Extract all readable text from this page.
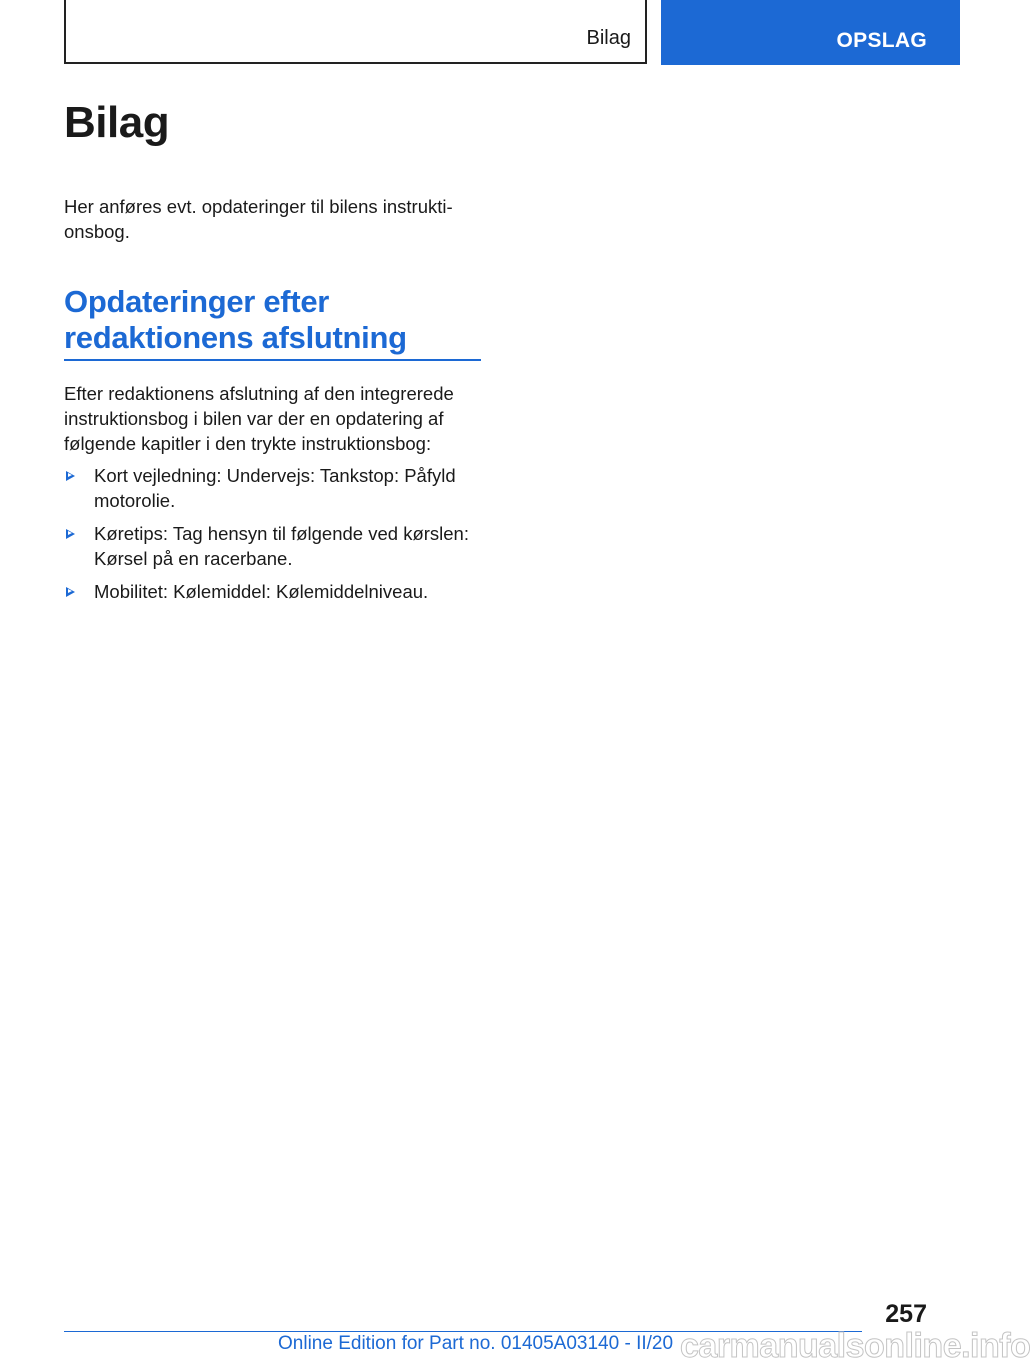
Bilag	OPSLAG
Bilag

Her anføres evt. opdateringer til bilens instruktionsbog.

Opdateringer efter redaktionens afslutning

Efter redaktionens afslutning af den integrerede instruktionsbog i bilen var der en opdatering af følgende kapitler i den trykte instruktionsbog:

Kort vejledning: Undervejs: Tankstop: Påfyld motorolie.
Køretips: Tag hensyn til følgende ved kørslen: Kørsel på en racerbane.
Mobilitet: Kølemiddel: Kølemiddelniveau.
257
Online Edition for Part no. 01405A03140 - II/20 carmanualsonline.info
